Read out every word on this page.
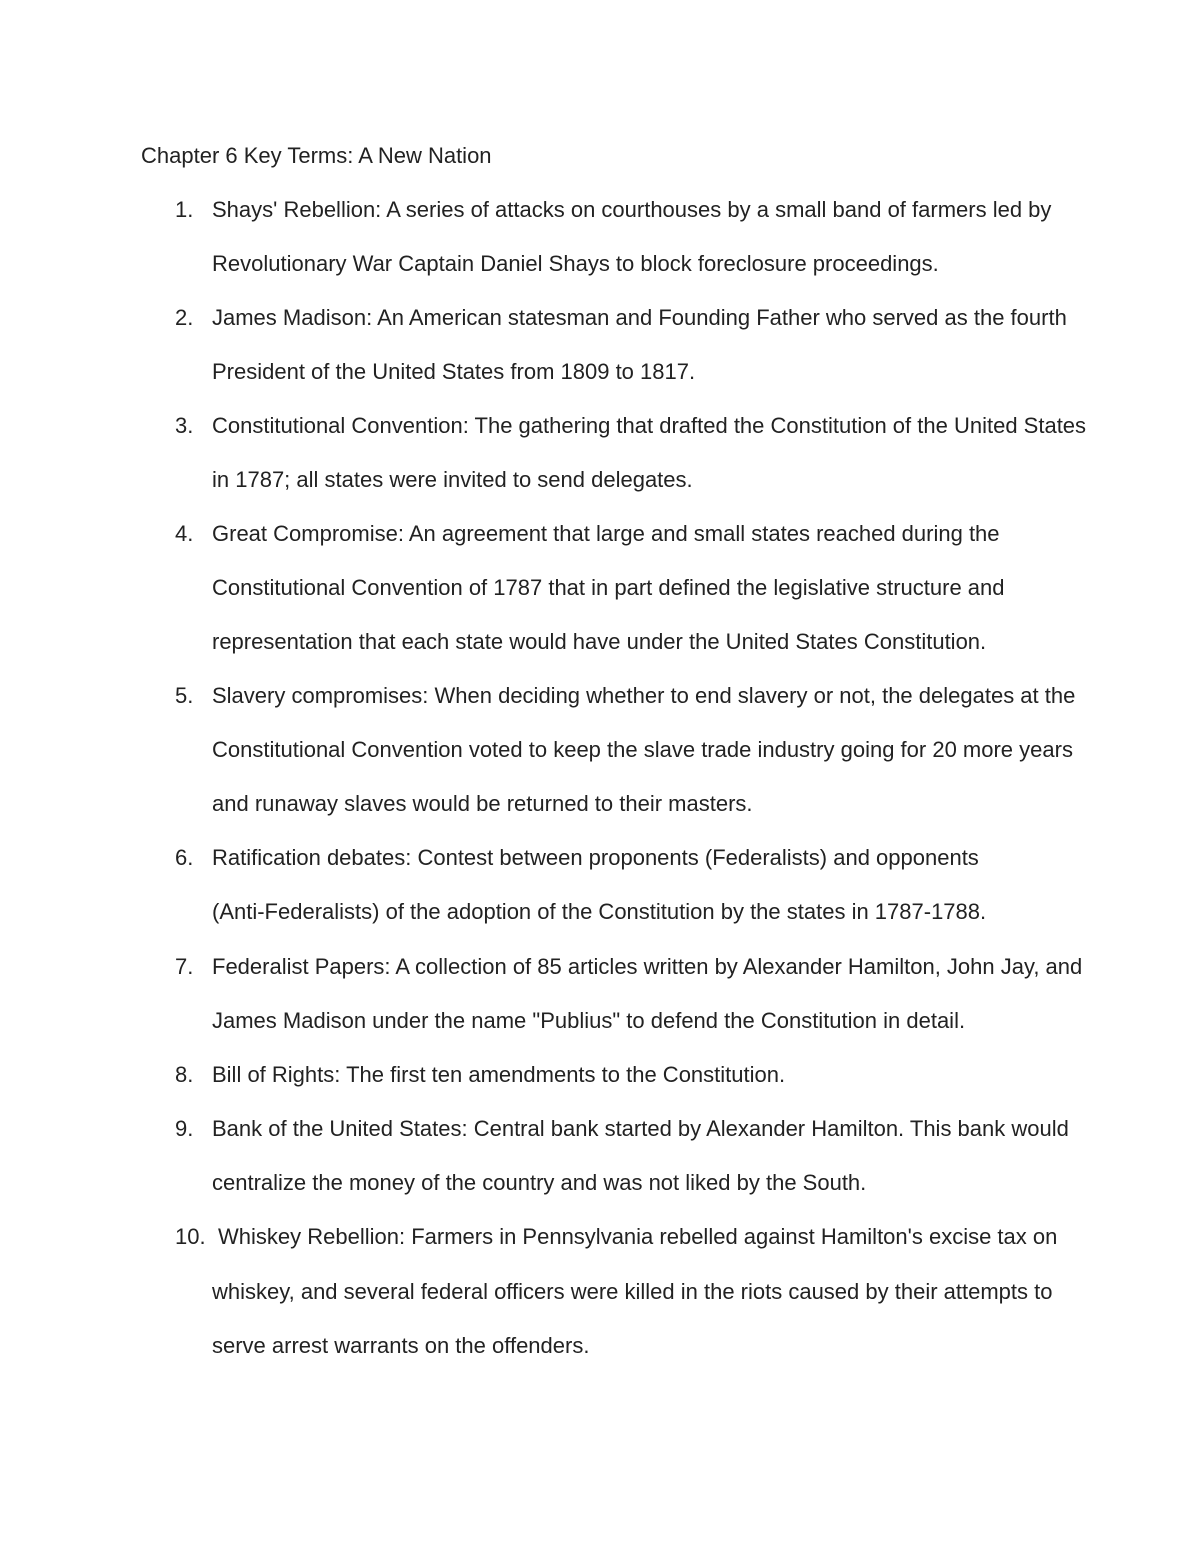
Chapter 6 Key Terms: A New Nation
1. Shays' Rebellion: A series of attacks on courthouses by a small band of farmers led by
Revolutionary War Captain Daniel Shays to block foreclosure proceedings.
2. James Madison: An American statesman and Founding Father who served as the fourth
President of the United States from 1809 to 1817.
3. Constitutional Convention: The gathering that drafted the Constitution of the United States
in 1787; all states were invited to send delegates.
4. Great Compromise: An agreement that large and small states reached during the
Constitutional Convention of 1787 that in part defined the legislative structure and
representation that each state would have under the United States Constitution.
5. Slavery compromises: When deciding whether to end slavery or not, the delegates at the
Constitutional Convention voted to keep the slave trade industry going for 20 more years
and runaway slaves would be returned to their masters.
6. Ratification debates: Contest between proponents (Federalists) and opponents
(Anti-Federalists) of the adoption of the Constitution by the states in 1787-1788.
7. Federalist Papers: A collection of 85 articles written by Alexander Hamilton, John Jay, and
James Madison under the name "Publius" to defend the Constitution in detail.
8. Bill of Rights: The first ten amendments to the Constitution.
9. Bank of the United States: Central bank started by Alexander Hamilton. This bank would
centralize the money of the country and was not liked by the South.
10. Whiskey Rebellion: Farmers in Pennsylvania rebelled against Hamilton's excise tax on
whiskey, and several federal officers were killed in the riots caused by their attempts to
serve arrest warrants on the offenders.
